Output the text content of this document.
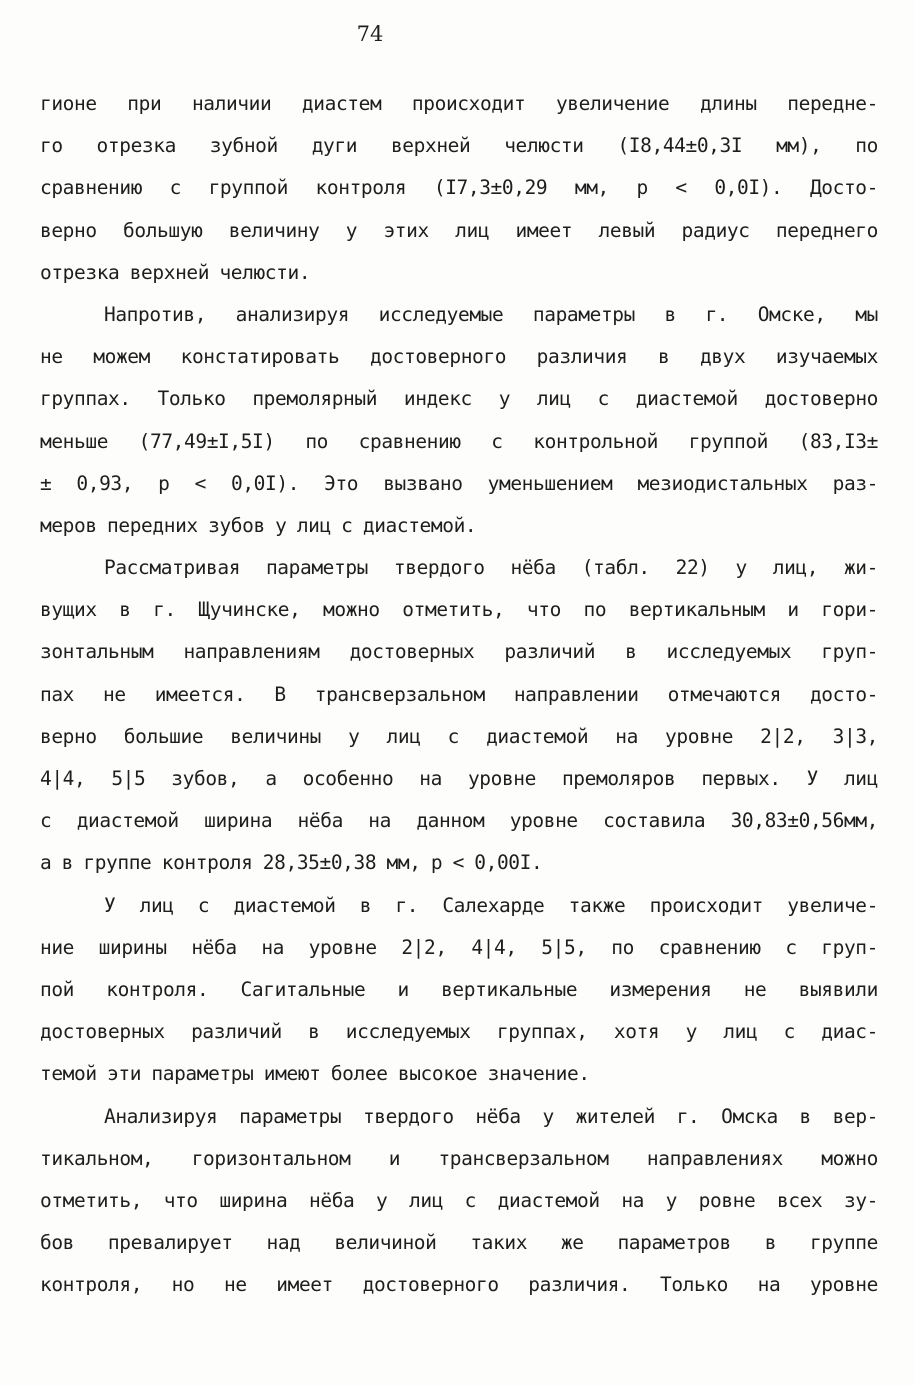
74
гионе при наличии диастем происходит увеличение длины передне-
го отрезка зубной дуги верхней челюсти (I8,44±0,3I мм), по
сравнению с группой контроля (I7,3±0,29 мм, р < 0,0I). Досто-
верно большую величину у этих лиц имеет левый радиус переднего
отрезка верхней челюсти.
Напротив, анализируя исследуемые параметры в г. Омске, мы
не можем констатировать достоверного различия в двух изучаемых
группах. Только премолярный индекс у лиц с диастемой достоверно
меньше (77,49±I,5I) по сравнению с контрольной группой (83,I3±
± 0,93, р < 0,0I). Это вызвано уменьшением мезиодистальных раз-
меров передних зубов у лиц с диастемой.
Рассматривая параметры твердого нёба (табл. 22) у лиц, жи-
вущих в г. Щучинске, можно отметить, что по вертикальным и гори-
зонтальным направлениям достоверных различий в исследуемых груп-
пах не имеется. В трансверзальном направлении отмечаются досто-
верно большие величины у лиц с диастемой на уровне 2|2, 3|3,
4|4, 5|5 зубов, а особенно на уровне премоляров первых. У лиц
с диастемой ширина нёба на данном уровне составила 30,83±0,56мм,
а в группе контроля 28,35±0,38 мм, р < 0,00I.
У лиц с диастемой в г. Салехарде также происходит увеличе-
ние ширины нёба на уровне 2|2, 4|4, 5|5, по сравнению с груп-
пой контроля. Сагитальные и вертикальные измерения не выявили
достоверных различий в исследуемых группах, хотя у лиц с диас-
темой эти параметры имеют более высокое значение.
Анализируя параметры твердого нёба у жителей г. Омска в вер-
тикальном, горизонтальном и трансверзальном направлениях можно
отметить, что ширина нёба у лиц с диастемой на у ровне всех зу-
бов превалирует над величиной таких же параметров в группе
контроля, но не имеет достоверного различия. Только на уровне
